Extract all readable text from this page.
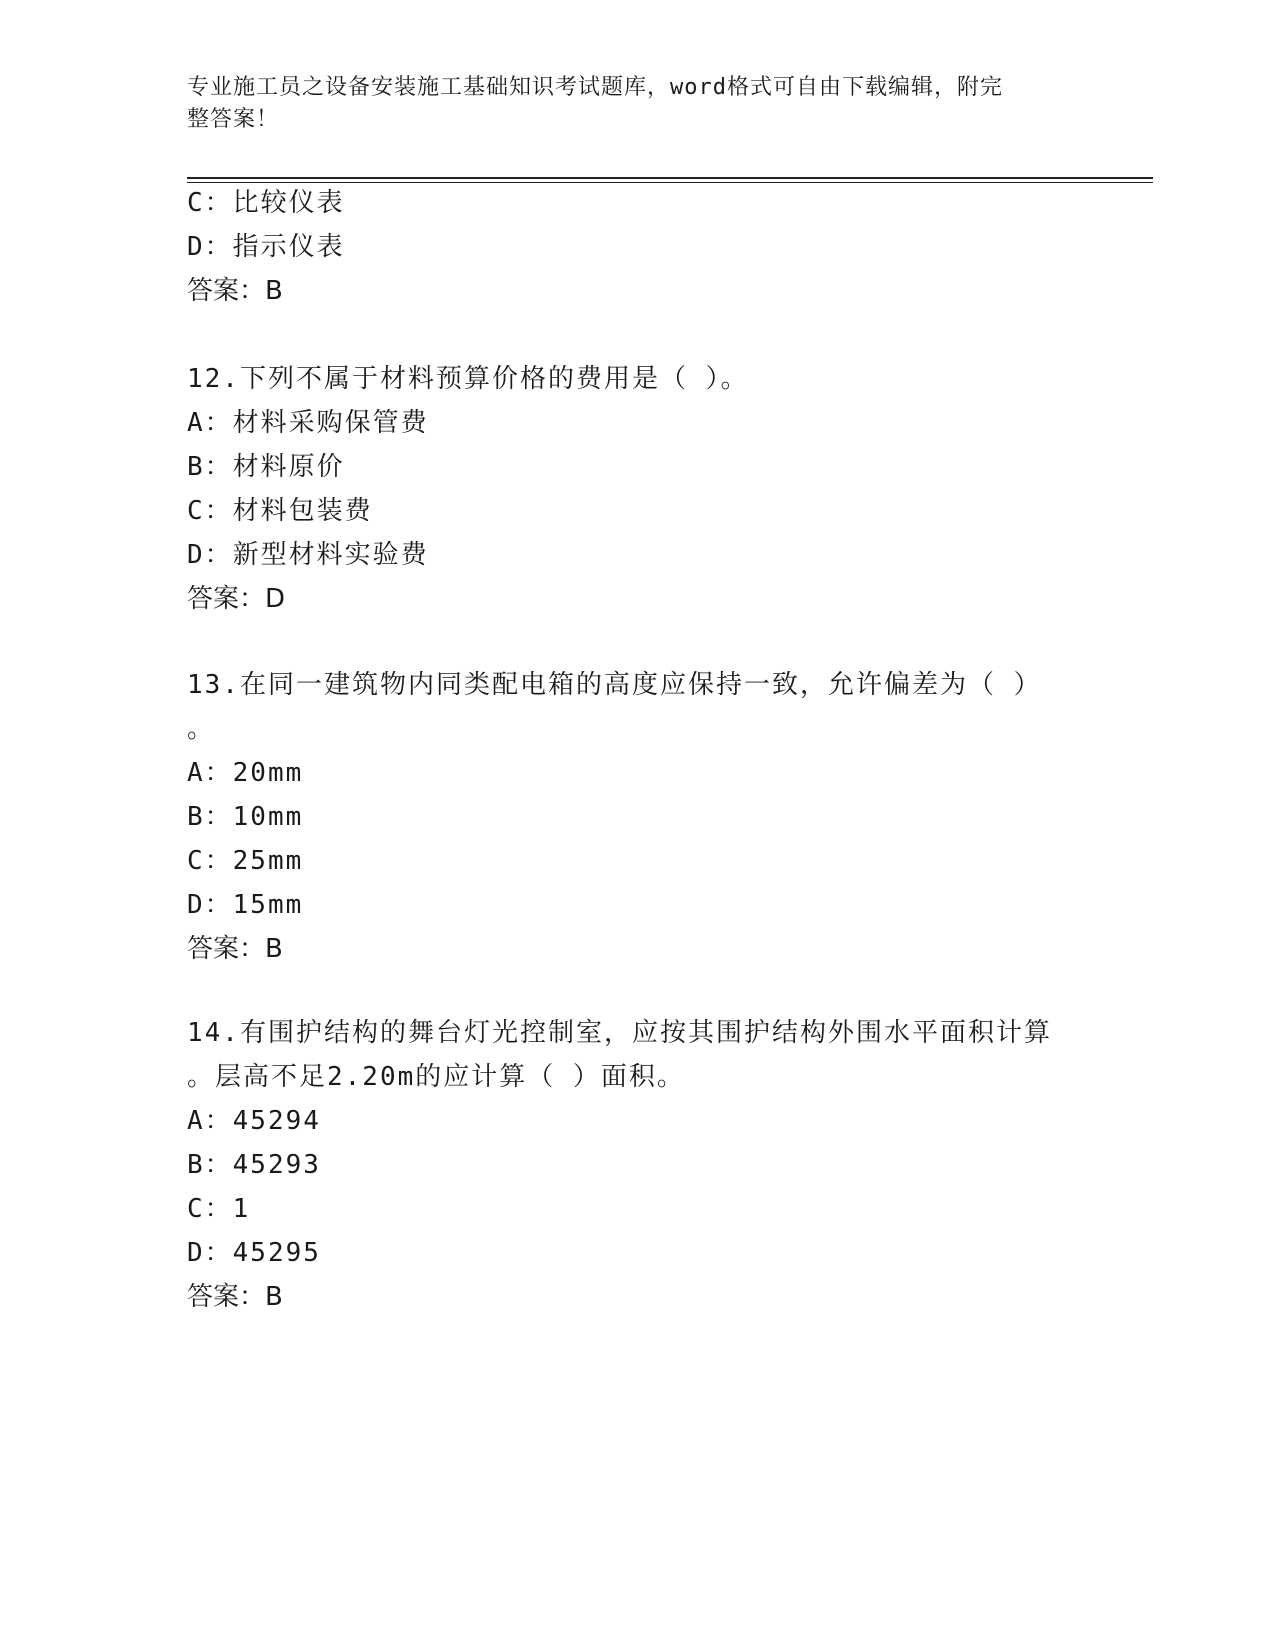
专业施工员之设备安装施工基础知识考试题库，word格式可自由下载编辑，附完
整答案！
C：比较仪表
D：指示仪表
答案：B
12.下列不属于材料预算价格的费用是（ ）。
A：材料采购保管费
B：材料原价
C：材料包装费
D：新型材料实验费
答案：D
13.在同一建筑物内同类配电箱的高度应保持一致，允许偏差为（ ）
。
A：20mm
B：10mm
C：25mm
D：15mm
答案：B
14.有围护结构的舞台灯光控制室，应按其围护结构外围水平面积计算
。层高不足2.20m的应计算（ ）面积。
A：45294
B：45293
C：1
D：45295
答案：B
